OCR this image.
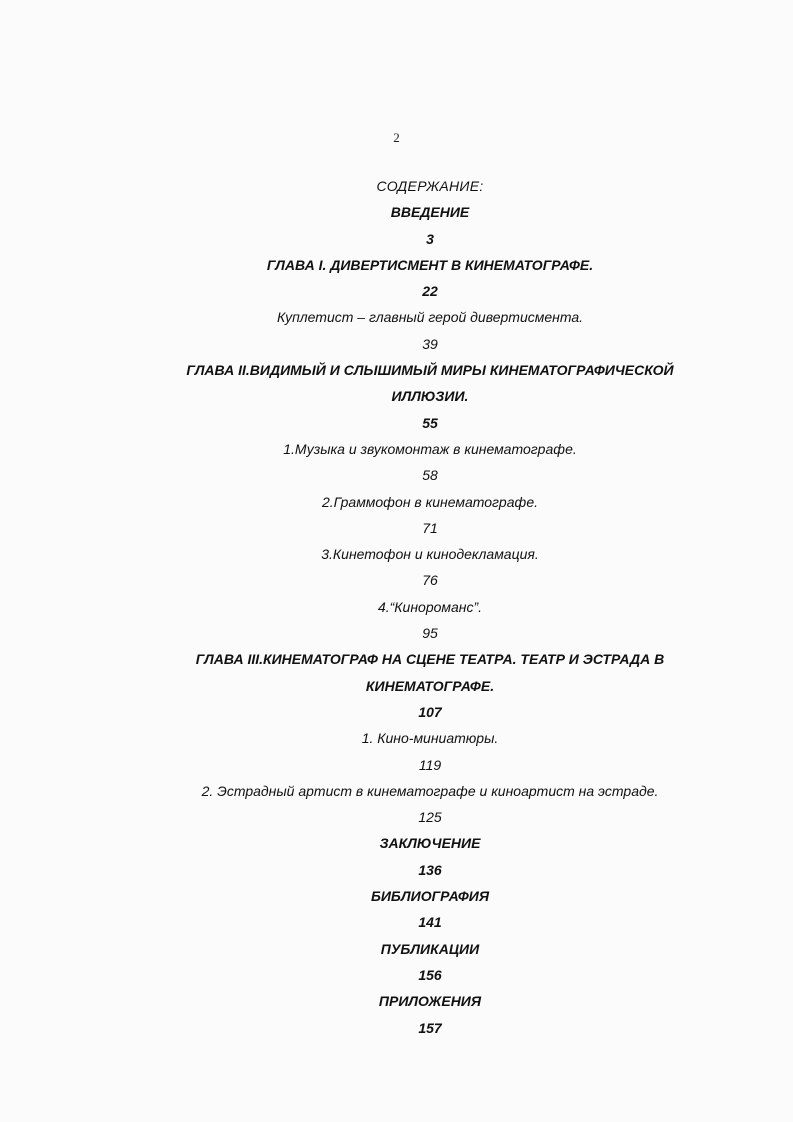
2
СОДЕРЖАНИЕ:
ВВЕДЕНИЕ
3
ГЛАВА I. ДИВЕРТИСМЕНТ В КИНЕМАТОГРАФЕ.
22
Куплетист – главный герой дивертисмента.
39
ГЛАВА II.ВИДИМЫЙ И СЛЫШИМЫЙ МИРЫ КИНЕМАТОГРАФИЧЕСКОЙ
ИЛЛЮЗИИ.
55
1.Музыка и звукомонтаж в кинематографе.
58
2.Граммофон в кинематографе.
71
3.Кинетофон и кинодекламация.
76
4.“Кинороманс”.
95
ГЛАВА III.КИНЕМАТОГРАФ НА СЦЕНЕ ТЕАТРА. ТЕАТР И ЭСТРАДА В
КИНЕМАТОГРАФЕ.
107
1. Кино-миниатюры.
119
2. Эстрадный артист в кинематографе и киноартист на эстраде.
125
ЗАКЛЮЧЕНИЕ
136
БИБЛИОГРАФИЯ
141
ПУБЛИКАЦИИ
156
ПРИЛОЖЕНИЯ
157
